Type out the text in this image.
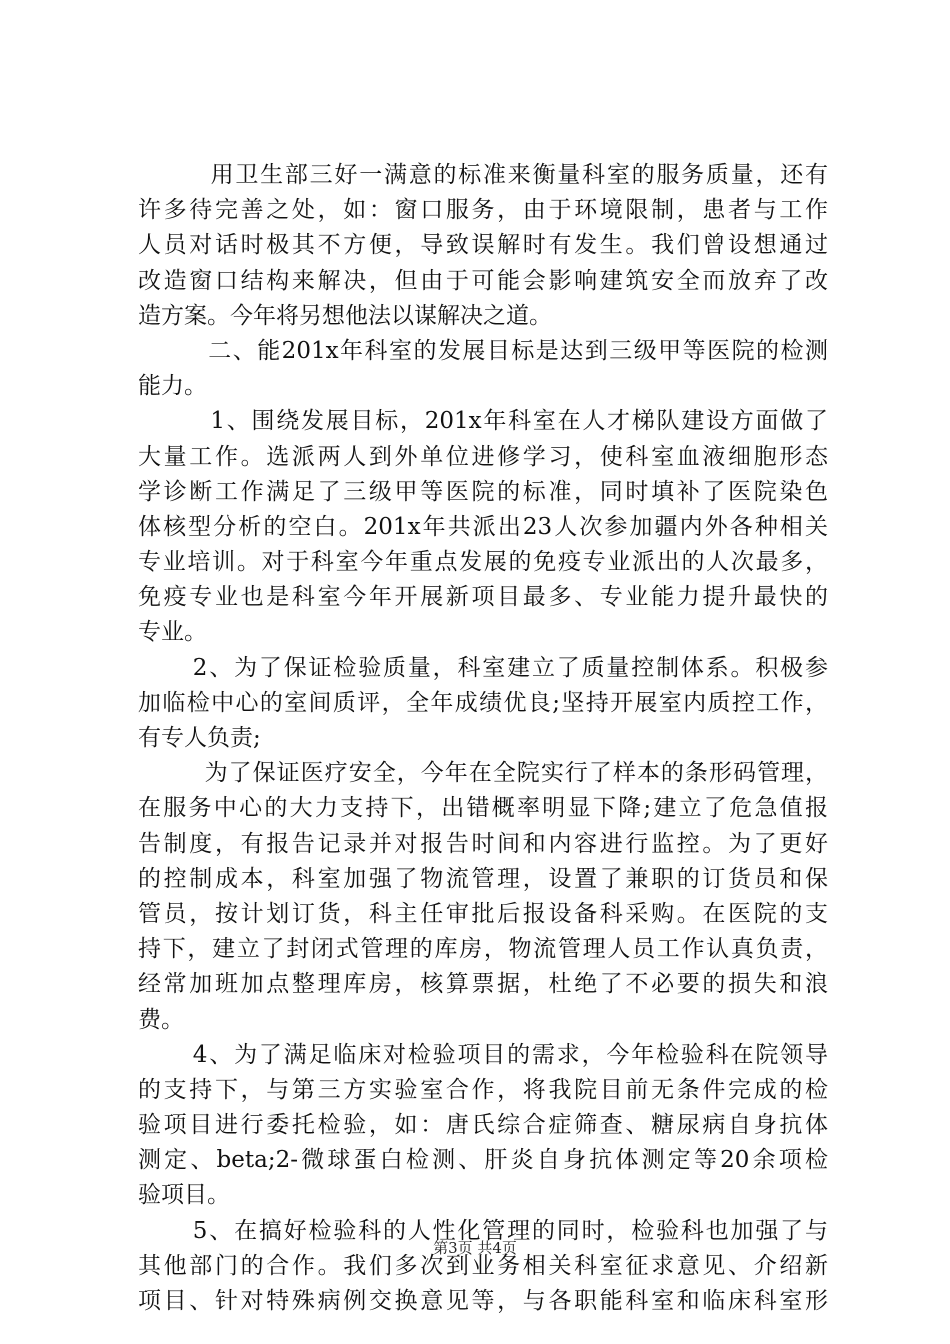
用卫生部三好一满意的标准来衡量科室的服务质量，还有
许多待完善之处，如：窗口服务，由于环境限制，患者与工作
人员对话时极其不方便，导致误解时有发生。我们曾设想通过
改造窗口结构来解决，但由于可能会影响建筑安全而放弃了改
造方案。今年将另想他法以谋解决之道。
二、能201x年科室的发展目标是达到三级甲等医院的检测
能力。
1、围绕发展目标，201x年科室在人才梯队建设方面做了
大量工作。选派两人到外单位进修学习，使科室血液细胞形态
学诊断工作满足了三级甲等医院的标准，同时填补了医院染色
体核型分析的空白。201x年共派出23人次参加疆内外各种相关
专业培训。对于科室今年重点发展的免疫专业派出的人次最多，
免疫专业也是科室今年开展新项目最多、专业能力提升最快的
专业。
2、为了保证检验质量，科室建立了质量控制体系。积极参
加临检中心的室间质评，全年成绩优良;坚持开展室内质控工作，
有专人负责;
为了保证医疗安全，今年在全院实行了样本的条形码管理，
在服务中心的大力支持下，出错概率明显下降;建立了危急值报
告制度，有报告记录并对报告时间和内容进行监控。为了更好
的控制成本，科室加强了物流管理，设置了兼职的订货员和保
管员，按计划订货，科主任审批后报设备科采购。在医院的支
持下，建立了封闭式管理的库房，物流管理人员工作认真负责，
经常加班加点整理库房，核算票据，杜绝了不必要的损失和浪
费。
4、为了满足临床对检验项目的需求，今年检验科在院领导
的支持下，与第三方实验室合作，将我院目前无条件完成的检
验项目进行委托检验，如：唐氏综合症筛查、糖尿病自身抗体
测定、beta;2-微球蛋白检测、肝炎自身抗体测定等20余项检
验项目。
5、在搞好检验科的人性化管理的同时，检验科也加强了与
其他部门的合作。我们多次到业务相关科室征求意见、介绍新
项目、针对特殊病例交换意见等，与各职能科室和临床科室形
第3页 共4页
